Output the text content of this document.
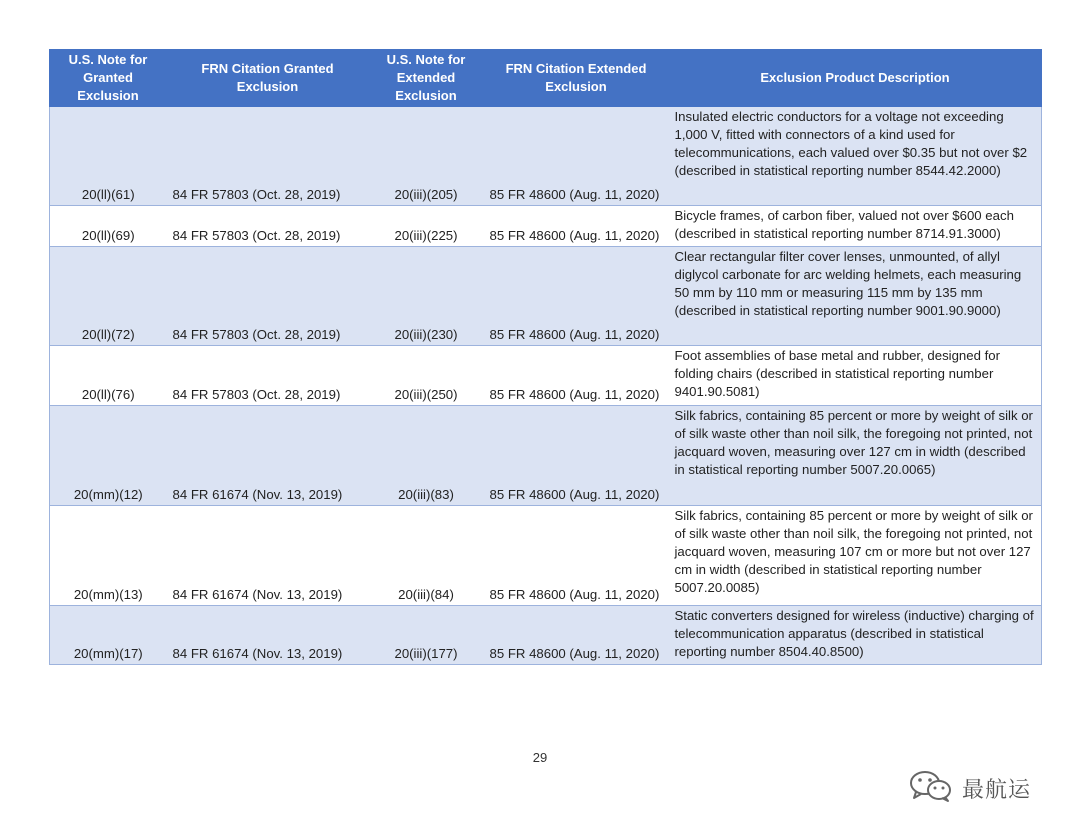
U.S. Note for Granted Exclusion	FRN Citation Granted Exclusion	U.S. Note for Extended Exclusion	FRN Citation Extended Exclusion	Exclusion Product Description
20(ll)(61)	84 FR 57803 (Oct. 28, 2019)	20(iii)(205)	85 FR 48600 (Aug. 11, 2020)	Insulated electric conductors for a voltage not exceeding 1,000 V, fitted with connectors of a kind used for telecommunications, each valued over $0.35 but not over $2 (described in statistical reporting number 8544.42.2000)
20(ll)(69)	84 FR 57803 (Oct. 28, 2019)	20(iii)(225)	85 FR 48600 (Aug. 11, 2020)	Bicycle frames, of carbon fiber, valued not over $600 each (described in statistical reporting number 8714.91.3000)
20(ll)(72)	84 FR 57803 (Oct. 28, 2019)	20(iii)(230)	85 FR 48600 (Aug. 11, 2020)	Clear rectangular filter cover lenses, unmounted, of allyl diglycol carbonate for arc welding helmets, each measuring 50 mm by 110 mm or measuring 115 mm by 135 mm (described in statistical reporting number 9001.90.9000)
20(ll)(76)	84 FR 57803 (Oct. 28, 2019)	20(iii)(250)	85 FR 48600 (Aug. 11, 2020)	Foot assemblies of base metal and rubber, designed for folding chairs (described in statistical reporting number 9401.90.5081)
20(mm)(12)	84 FR 61674 (Nov. 13, 2019)	20(iii)(83)	85 FR 48600 (Aug. 11, 2020)	Silk fabrics, containing 85 percent or more by weight of silk or of silk waste other than noil silk, the foregoing not printed, not jacquard woven, measuring over 127 cm in width (described in statistical reporting number 5007.20.0065)
20(mm)(13)	84 FR 61674 (Nov. 13, 2019)	20(iii)(84)	85 FR 48600 (Aug. 11, 2020)	Silk fabrics, containing 85 percent or more by weight of silk or of silk waste other than noil silk, the foregoing not printed, not jacquard woven, measuring 107 cm or more but not over 127 cm in width (described in statistical reporting number 5007.20.0085)
20(mm)(17)	84 FR 61674 (Nov. 13, 2019)	20(iii)(177)	85 FR 48600 (Aug. 11, 2020)	Static converters designed for wireless (inductive) charging of telecommunication apparatus (described in statistical reporting number 8504.40.8500)
29
最航运
